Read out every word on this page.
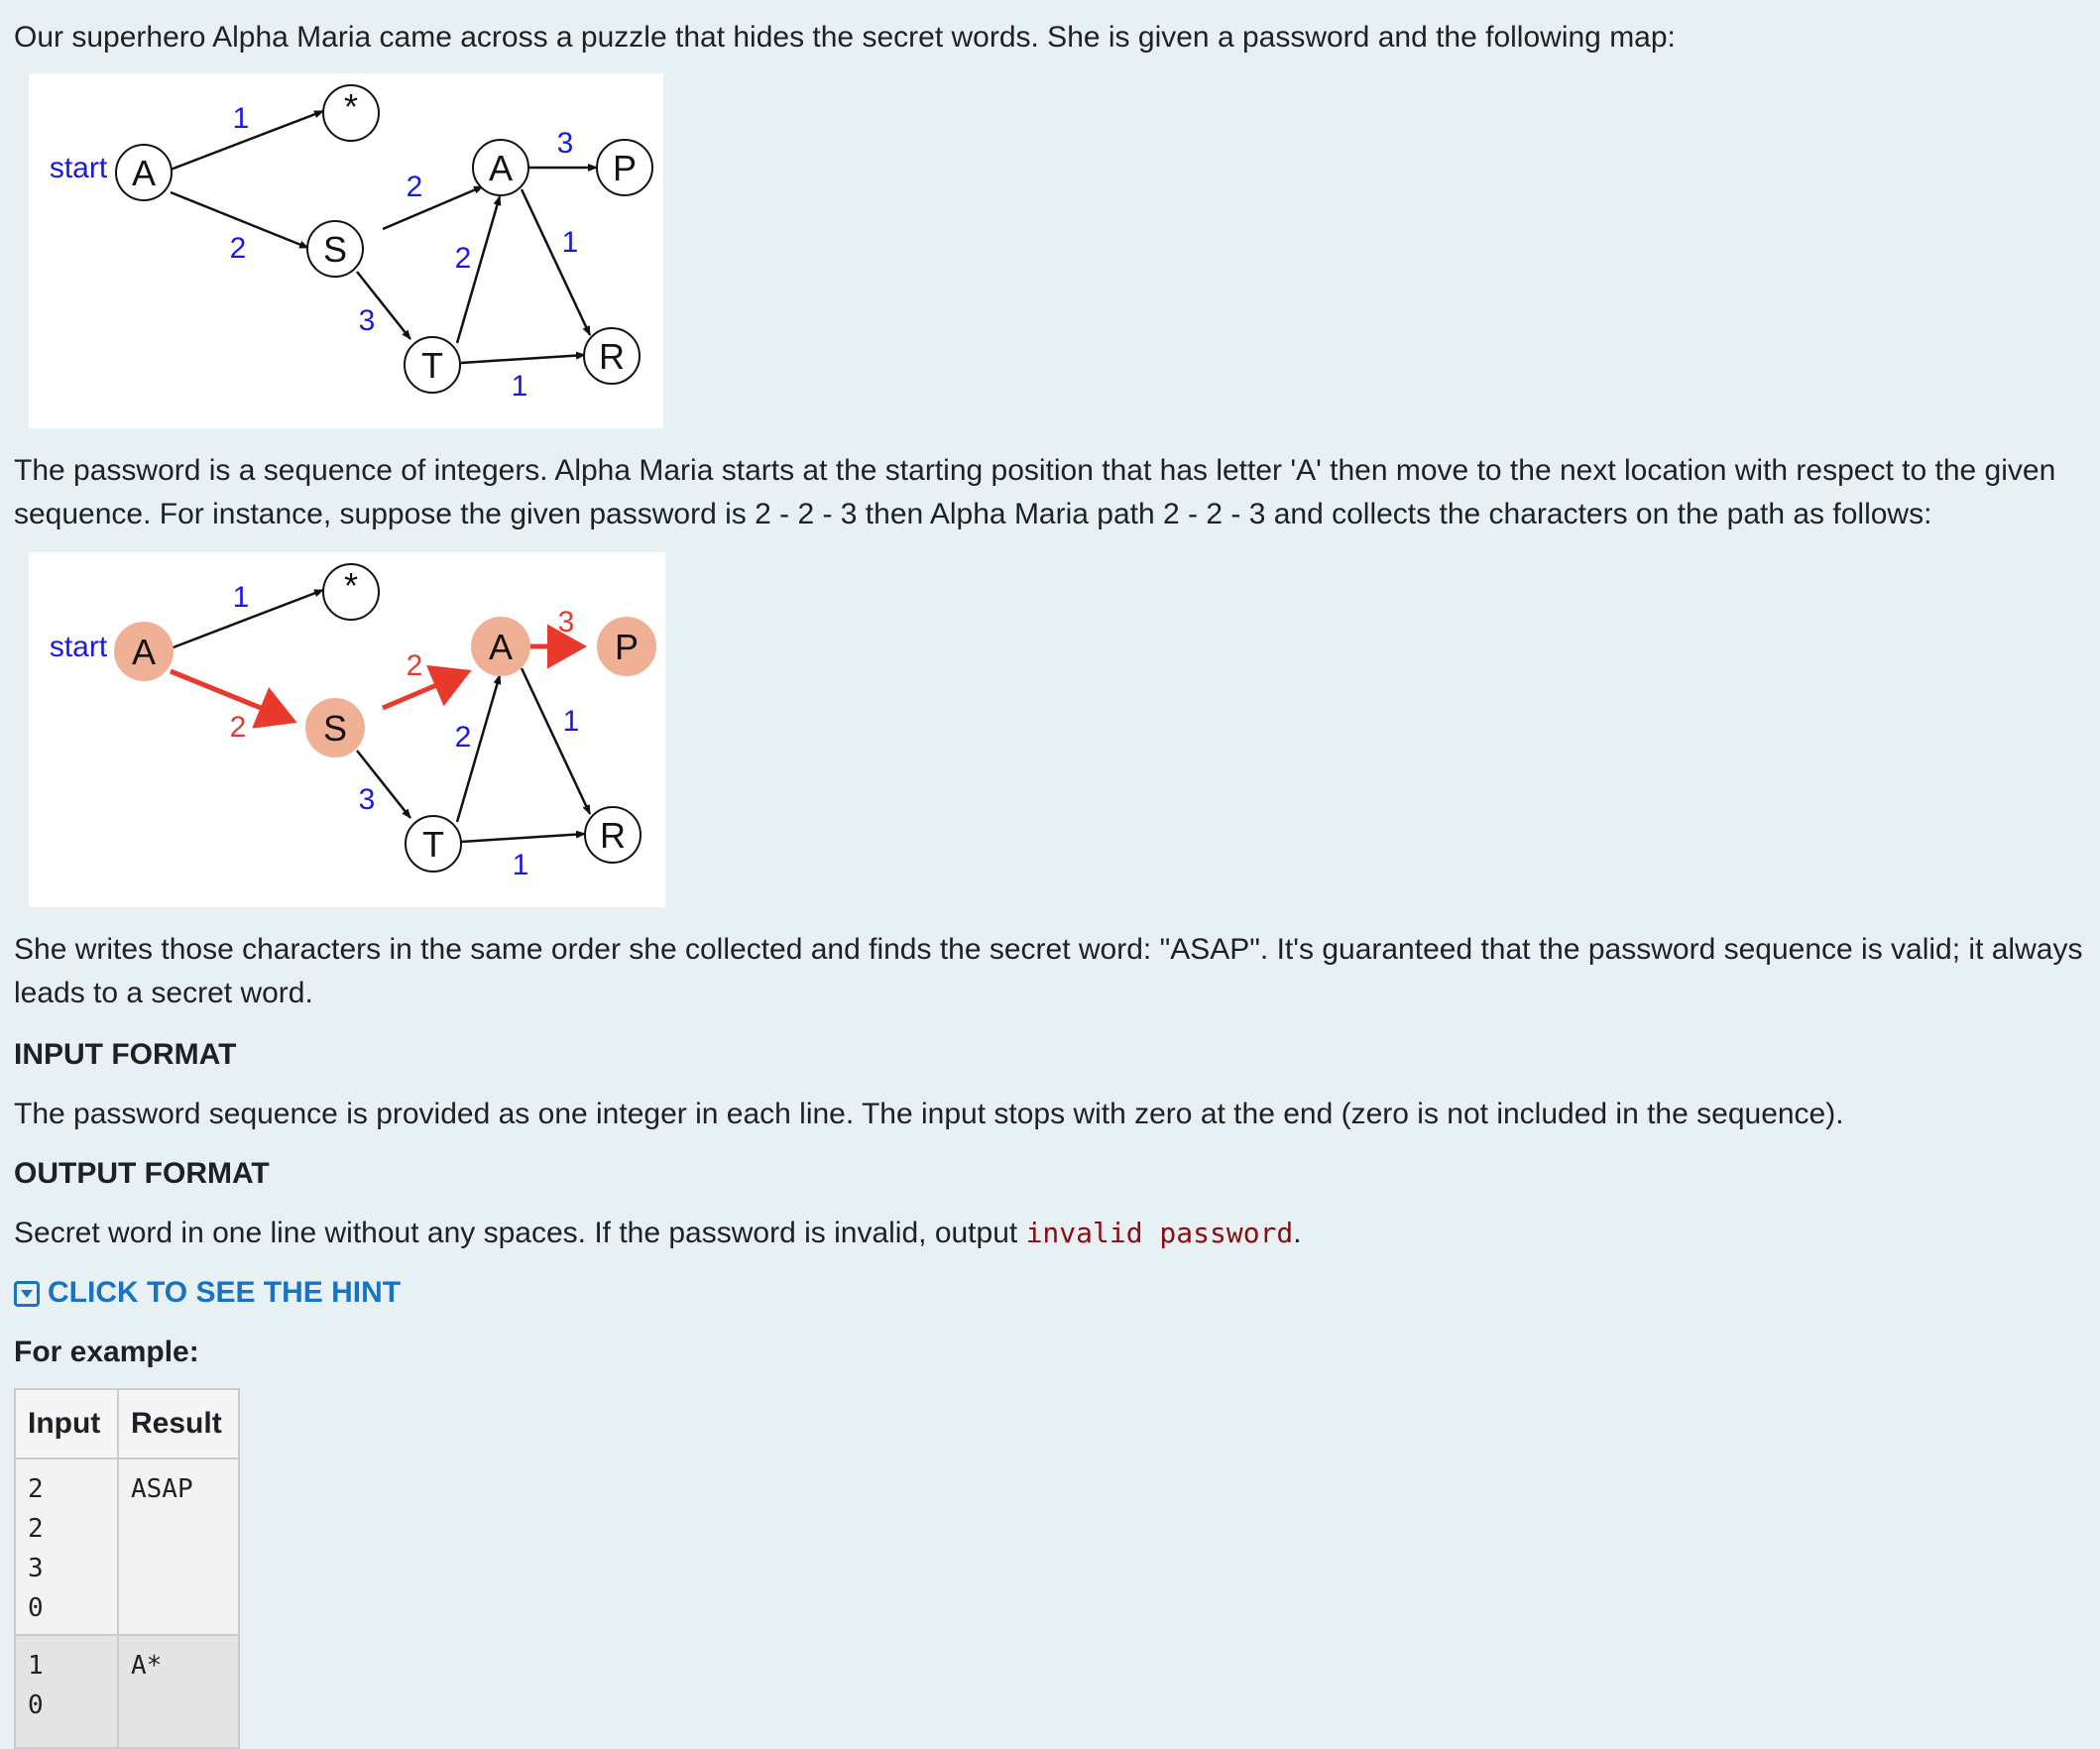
Our superhero Alpha Maria came across a puzzle that hides the secret words. She is given a password and the following map:

A
*
S
A	P
T	R
start
1
2
2
3
2
3
1
1

The password is a sequence of integers. Alpha Maria starts at the starting position that has letter 'A' then move to the next location with respect to the given sequence. For instance, suppose the given password is 2 - 2 - 3 then Alpha Maria path 2 - 2 - 3 and collects the characters on the path as follows:

A
*
S
A	P
T	R
start
1
3
2	1
1
2
2
3

She writes those characters in the same order she collected and finds the secret word: "ASAP". It's guaranteed that the password sequence is valid; it always leads to a secret word.

INPUT FORMAT

The password sequence is provided as one integer in each line. The input stops with zero at the end (zero is not included in the sequence).

OUTPUT FORMAT

Secret word in one line without any spaces. If the password is invalid, output invalid password.

CLICK TO SEE THE HINT

For example:

Input	Result
2
2
3
0	ASAP
1
0	A*
